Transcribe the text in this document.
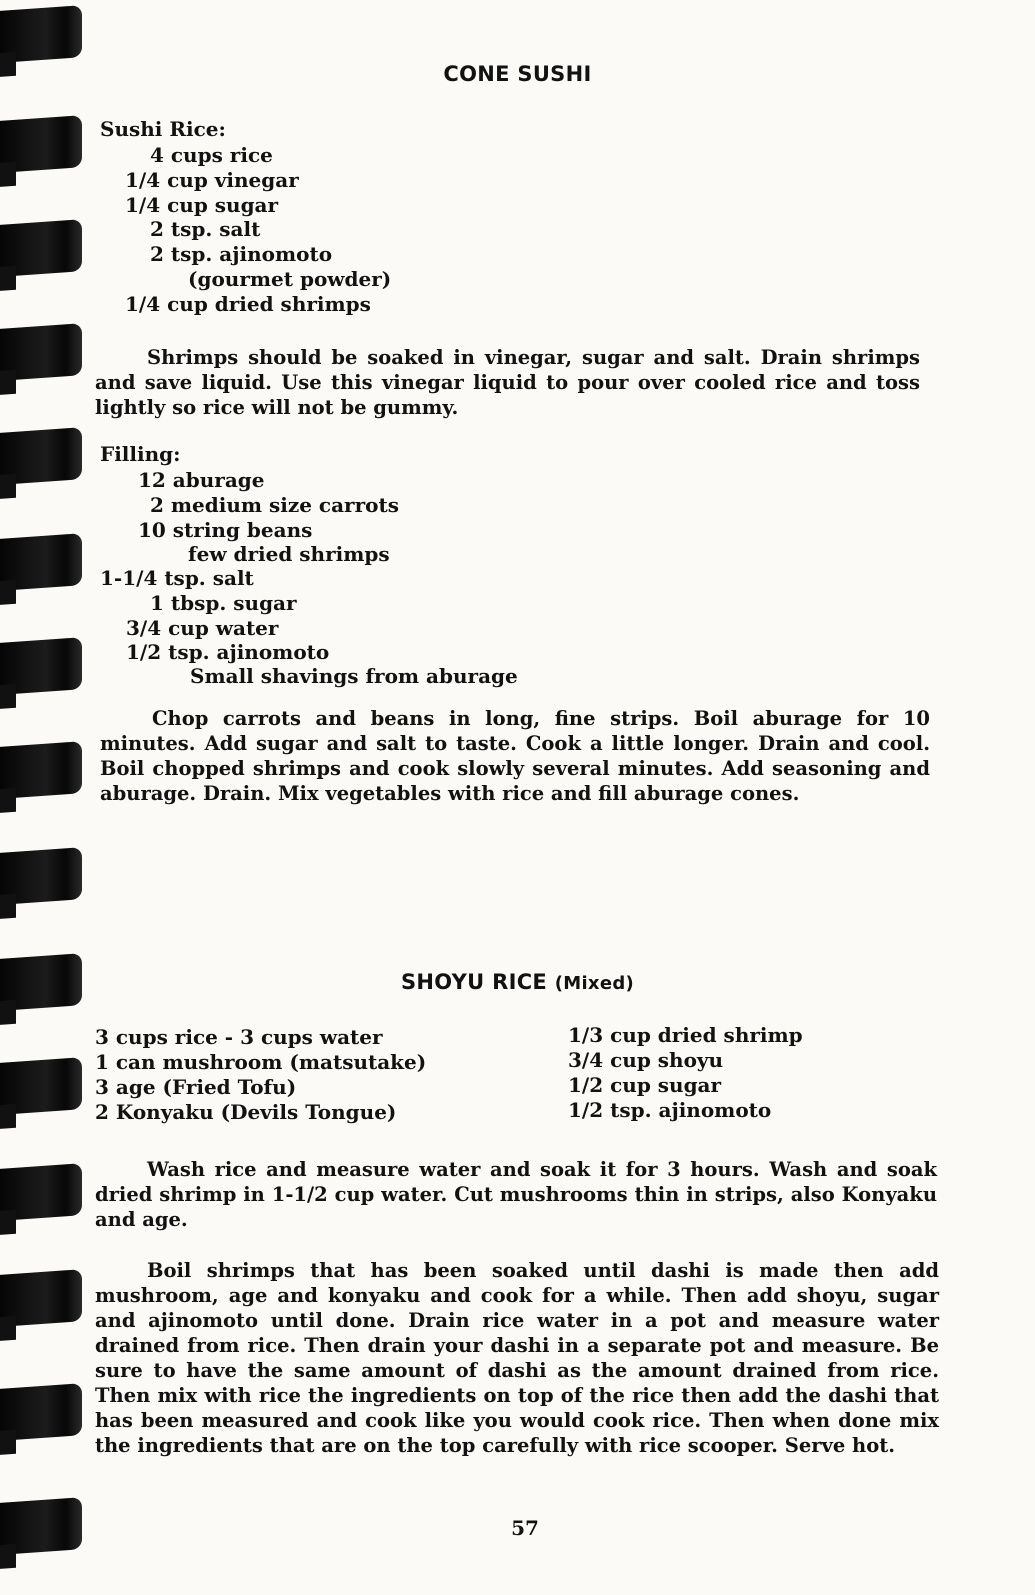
CONE SUSHI
Sushi Rice:
4 cups rice
1/4 cup vinegar
1/4 cup sugar
2 tsp. salt
2 tsp. ajinomoto
(gourmet powder)
1/4 cup dried shrimps

Shrimps should be soaked in vinegar, sugar and salt. Drain shrimps and save liquid. Use this vinegar liquid to pour over cooled rice and toss lightly so rice will not be gummy.

Filling:
12 aburage
2 medium size carrots
10 string beans
few dried shrimps
1-1/4 tsp. salt
1 tbsp. sugar
3/4 cup water
1/2 tsp. ajinomoto
Small shavings from aburage

Chop carrots and beans in long, fine strips. Boil aburage for 10 minutes. Add sugar and salt to taste. Cook a little longer. Drain and cool. Boil chopped shrimps and cook slowly several minutes. Add seasoning and aburage. Drain. Mix vegetables with rice and fill aburage cones.

SHOYU RICE (Mixed)
3 cups rice - 3 cups water
1 can mushroom (matsutake)
3 age (Fried Tofu)
2 Konyaku (Devils Tongue)
1/3 cup dried shrimp
3/4 cup shoyu
1/2 cup sugar
1/2 tsp. ajinomoto

Wash rice and measure water and soak it for 3 hours. Wash and soak dried shrimp in 1-1/2 cup water. Cut mushrooms thin in strips, also Konyaku and age.

Boil shrimps that has been soaked until dashi is made then add mushroom, age and konyaku and cook for a while. Then add shoyu, sugar and ajinomoto until done. Drain rice water in a pot and measure water drained from rice. Then drain your dashi in a separate pot and measure. Be sure to have the same amount of dashi as the amount drained from rice. Then mix with rice the ingredients on top of the rice then add the dashi that has been measured and cook like you would cook rice. Then when done mix the ingredients that are on the top carefully with rice scooper. Serve hot.

57
